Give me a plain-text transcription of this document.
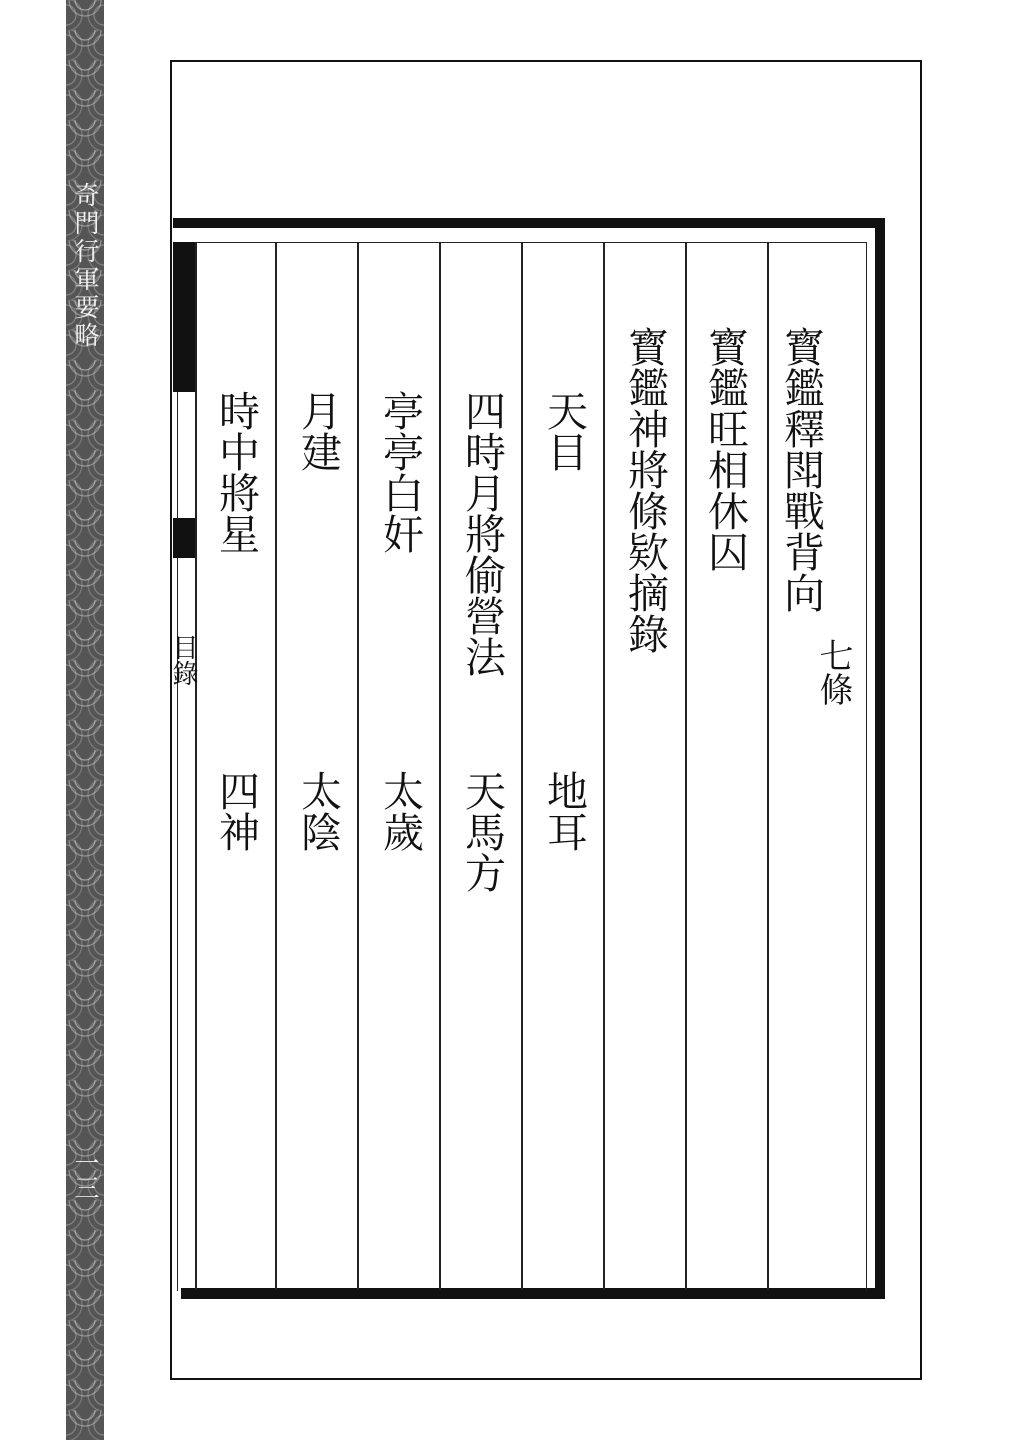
奇門行軍要略
一三
目錄
寳鑑釋閗戰背向
七條
寳鑑旺相休囚
寳鑑神將條欵摘錄
天目
地耳
四時月將偷營法
天馬方
亭亭白奸
太歲
月建
太陰
時中將星
四神
